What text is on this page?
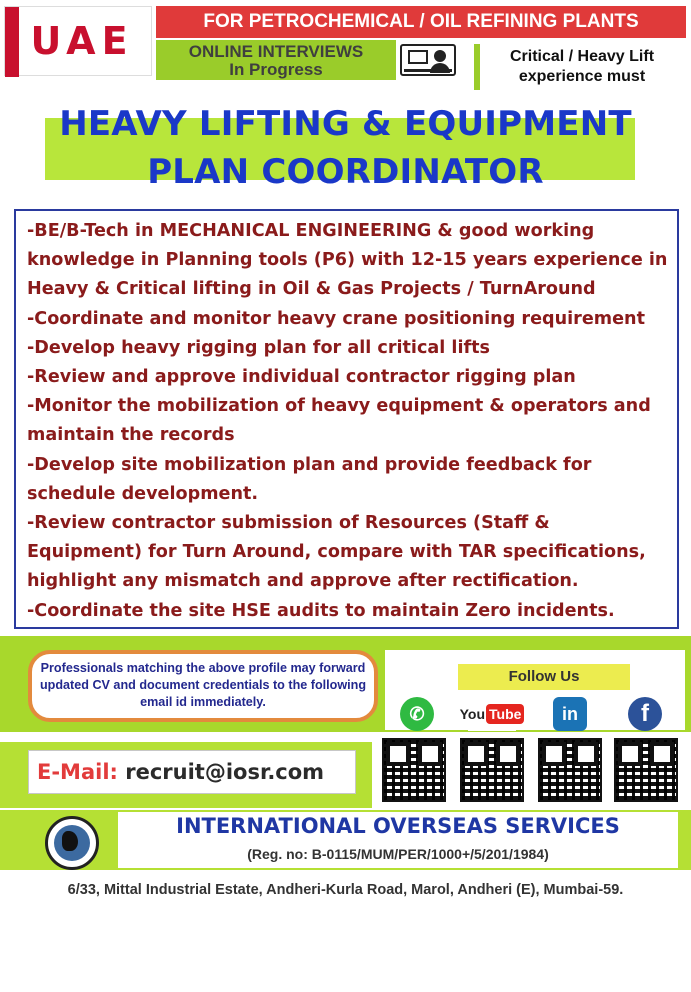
UAE	FOR PETROCHEMICAL / OIL REFINING PLANTS
ONLINE INTERVIEWS
In Progress
Critical / Heavy Lift
experience must
HEAVY LIFTING & EQUIPMENT
PLAN COORDINATOR
-BE/B-Tech in MECHANICAL ENGINEERING & good working knowledge in Planning tools (P6) with 12-15 years experience in Heavy & Critical lifting in Oil & Gas Projects / TurnAround
-Coordinate and monitor heavy crane positioning requirement
-Develop heavy rigging plan for all critical lifts
-Review and approve individual contractor rigging plan
-Monitor the mobilization of heavy equipment & operators and maintain the records
-Develop site mobilization plan and provide feedback for schedule development.
-Review contractor submission of Resources (Staff & Equipment) for Turn Around, compare with TAR specifications, highlight any mismatch and approve after rectification.
-Coordinate the site HSE audits to maintain Zero incidents.
Professionals matching the above profile may forward updated CV and document credentials to the following email id immediately.
Follow Us
✆	You Tube	in	f
E-Mail: recruit@iosr.com
INTERNATIONAL OVERSEAS SERVICES
(Reg. no: B-0115/MUM/PER/1000+/5/201/1984)
6/33, Mittal Industrial Estate, Andheri-Kurla Road, Marol, Andheri (E), Mumbai-59.
